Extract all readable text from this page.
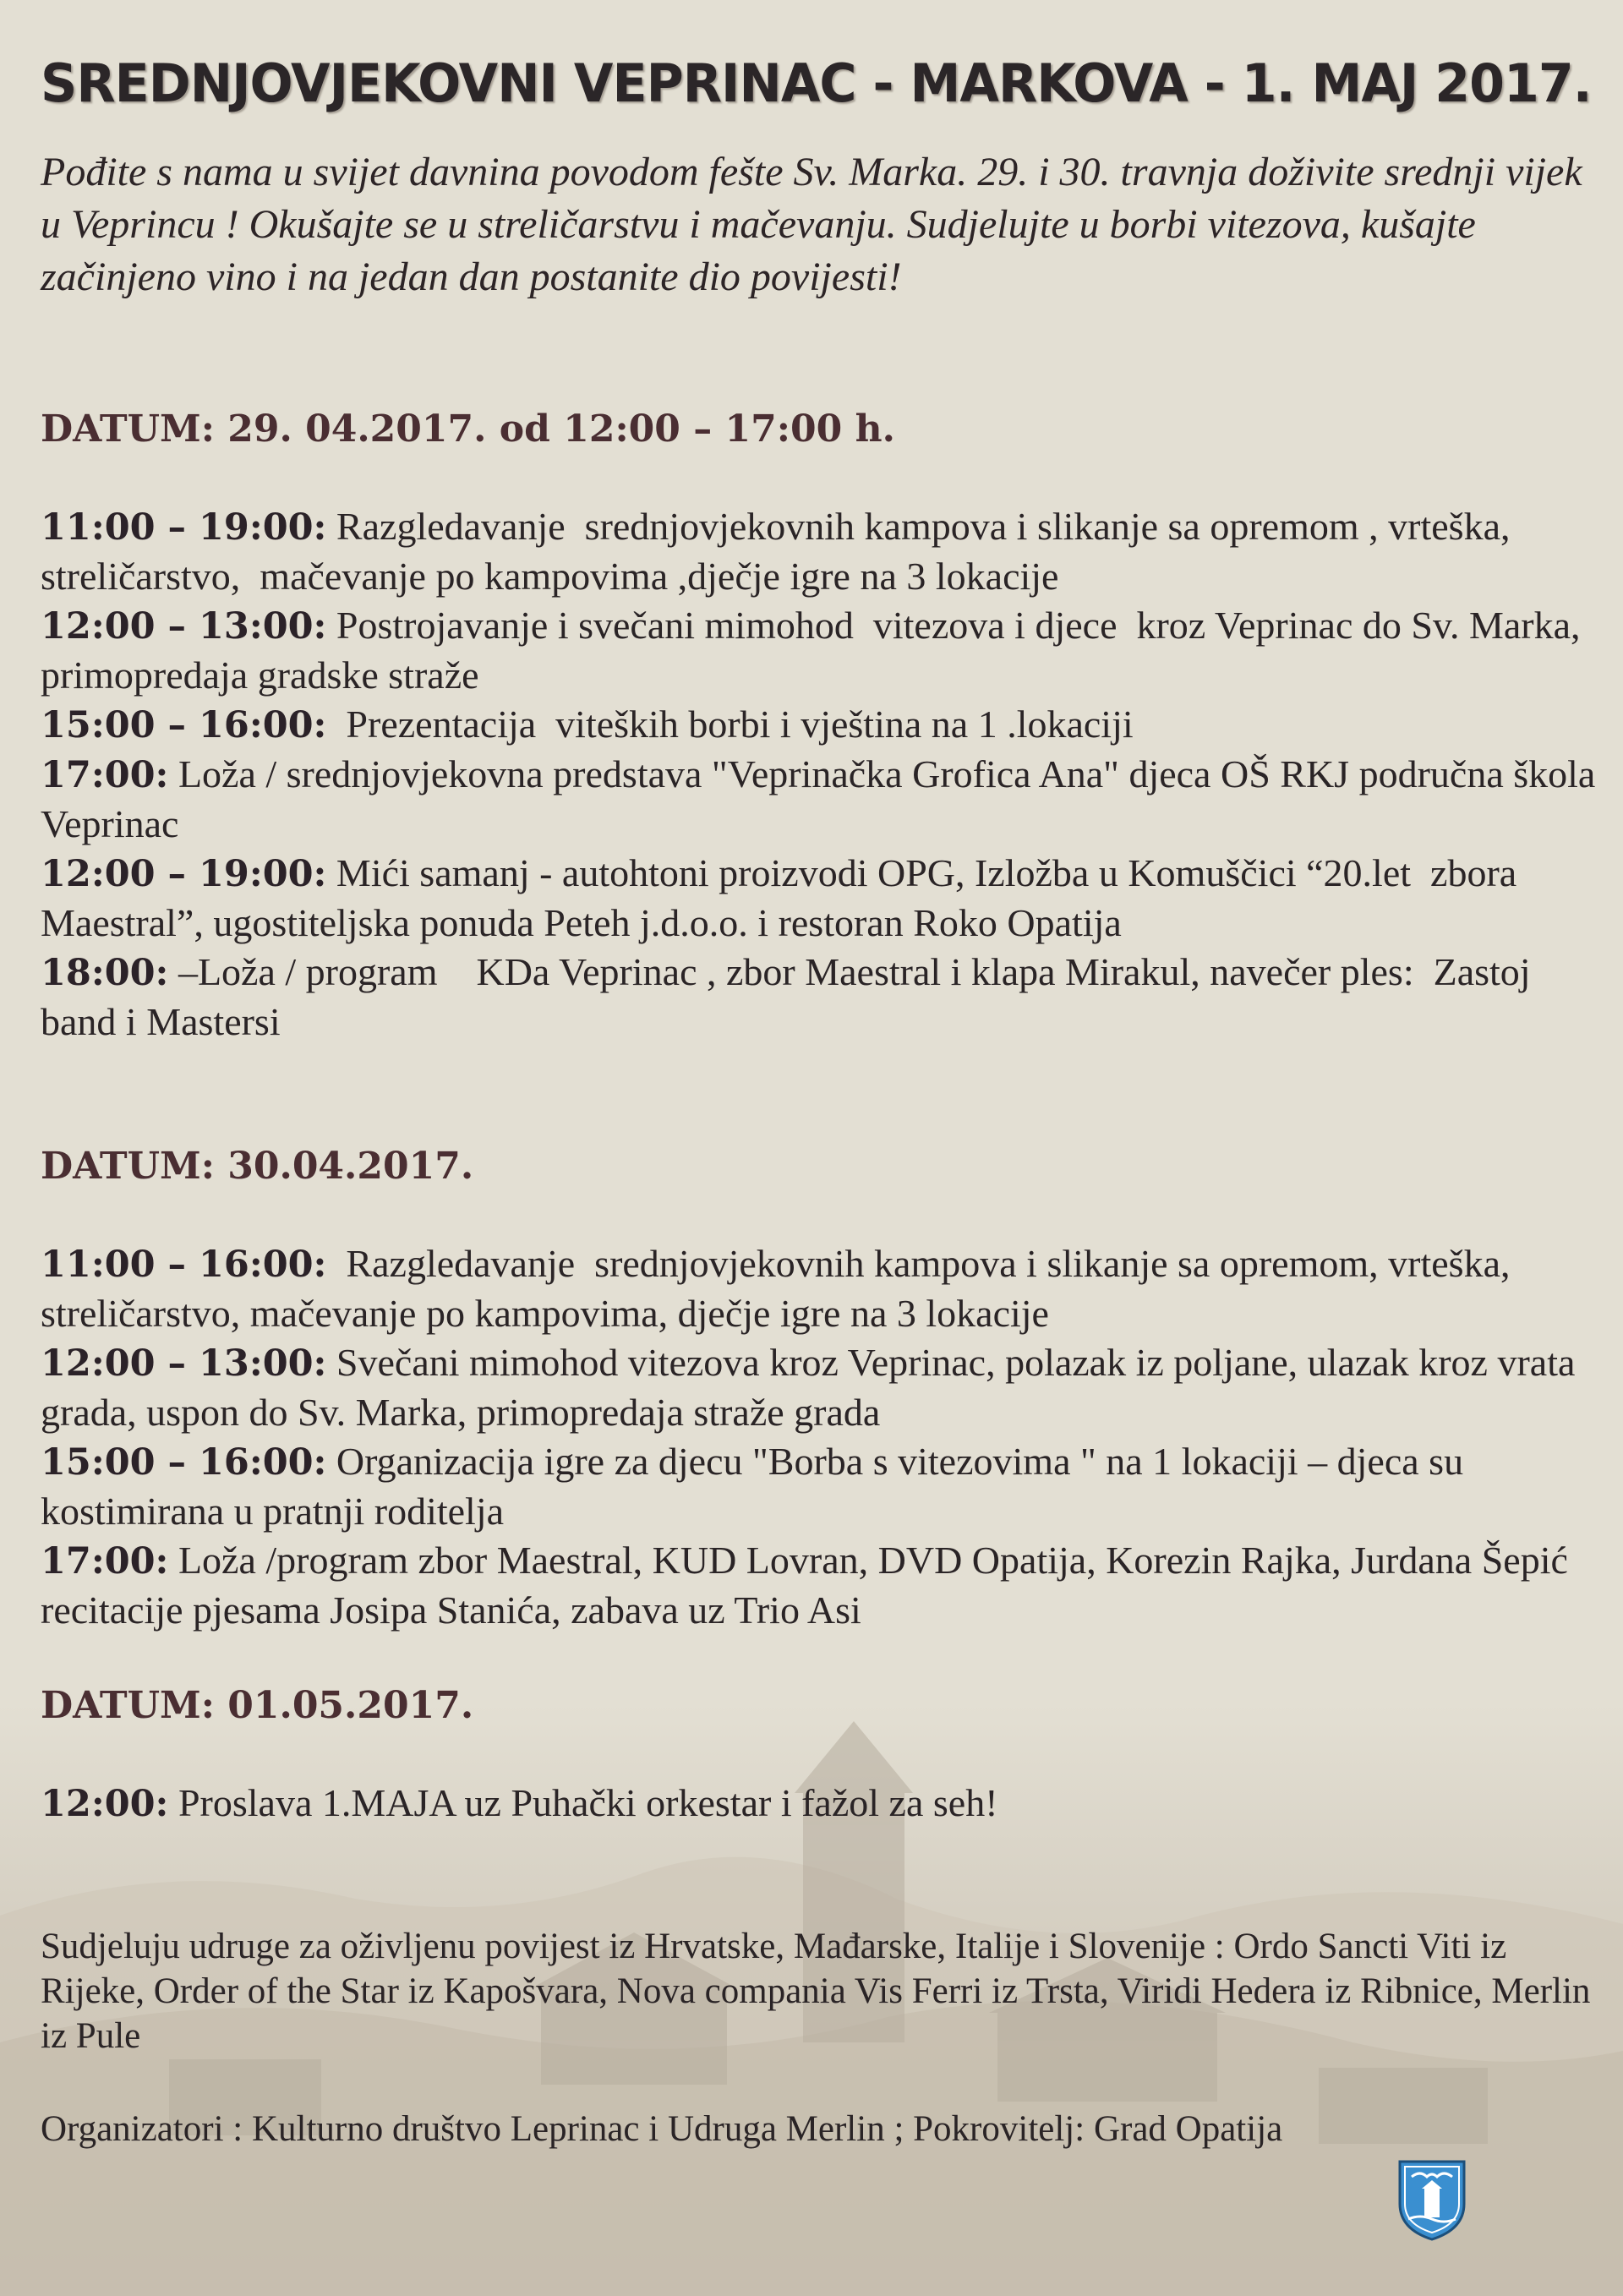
SREDNJOVJEKOVNI VEPRINAC - MARKOVA - 1. MAJ 2017.

Pođite s nama u svijet davnina povodom fešte Sv. Marka. 29. i 30. travnja doživite srednji vijek u Veprincu ! Okušajte se u streličarstvu i mačevanju. Sudjelujte u borbi vitezova, kušajte začinjeno vino i na jedan dan postanite dio povijesti!

DATUM: 29. 04.2017. od 12:00 – 17:00 h.
11:00 – 19:00: Razgledavanje  srednjovjekovnih kampova i slikanje sa opremom , vrteška, streličarstvo,  mačevanje po kampovima ,dječje igre na 3 lokacije
12:00 – 13:00: Postrojavanje i svečani mimohod  vitezova i djece  kroz Veprinac do Sv. Marka, primopredaja gradske straže
15:00 – 16:00:  Prezentacija  viteških borbi i vještina na 1 .lokaciji
17:00: Loža / srednjovjekovna predstava "Veprinačka Grofica Ana" djeca OŠ RKJ područna škola Veprinac
12:00 – 19:00: Mići samanj - autohtoni proizvodi OPG, Izložba u Komuščici “20.let  zbora Maestral”, ugostiteljska ponuda Peteh j.d.o.o. i restoran Roko Opatija
18:00: –Loža / program    KDa Veprinac , zbor Maestral i klapa Mirakul, navečer ples:  Zastoj band i Mastersi
DATUM: 30.04.2017.
11:00 – 16:00:  Razgledavanje  srednjovjekovnih kampova i slikanje sa opremom, vrteška, streličarstvo, mačevanje po kampovima, dječje igre na 3 lokacije
12:00 – 13:00: Svečani mimohod vitezova kroz Veprinac, polazak iz poljane, ulazak kroz vrata grada, uspon do Sv. Marka, primopredaja straže grada
15:00 – 16:00: Organizacija igre za djecu "Borba s vitezovima " na 1 lokaciji – djeca su kostimirana u pratnji roditelja
17:00: Loža /program zbor Maestral, KUD Lovran, DVD Opatija, Korezin Rajka, Jurdana Šepić recitacije pjesama Josipa Stanića, zabava uz Trio Asi
DATUM: 01.05.2017.
12:00: Proslava 1.MAJA uz Puhački orkestar i fažol za seh!

Sudjeluju udruge za oživljenu povijest iz Hrvatske, Mađarske, Italije i Slovenije : Ordo Sancti Viti iz Rijeke, Order of the Star iz Kapošvara, Nova compania Vis Ferri iz Trsta, Viridi Hedera iz Ribnice, Merlin iz Pule

Organizatori : Kulturno društvo Leprinac i Udruga Merlin ; Pokrovitelj: Grad Opatija
